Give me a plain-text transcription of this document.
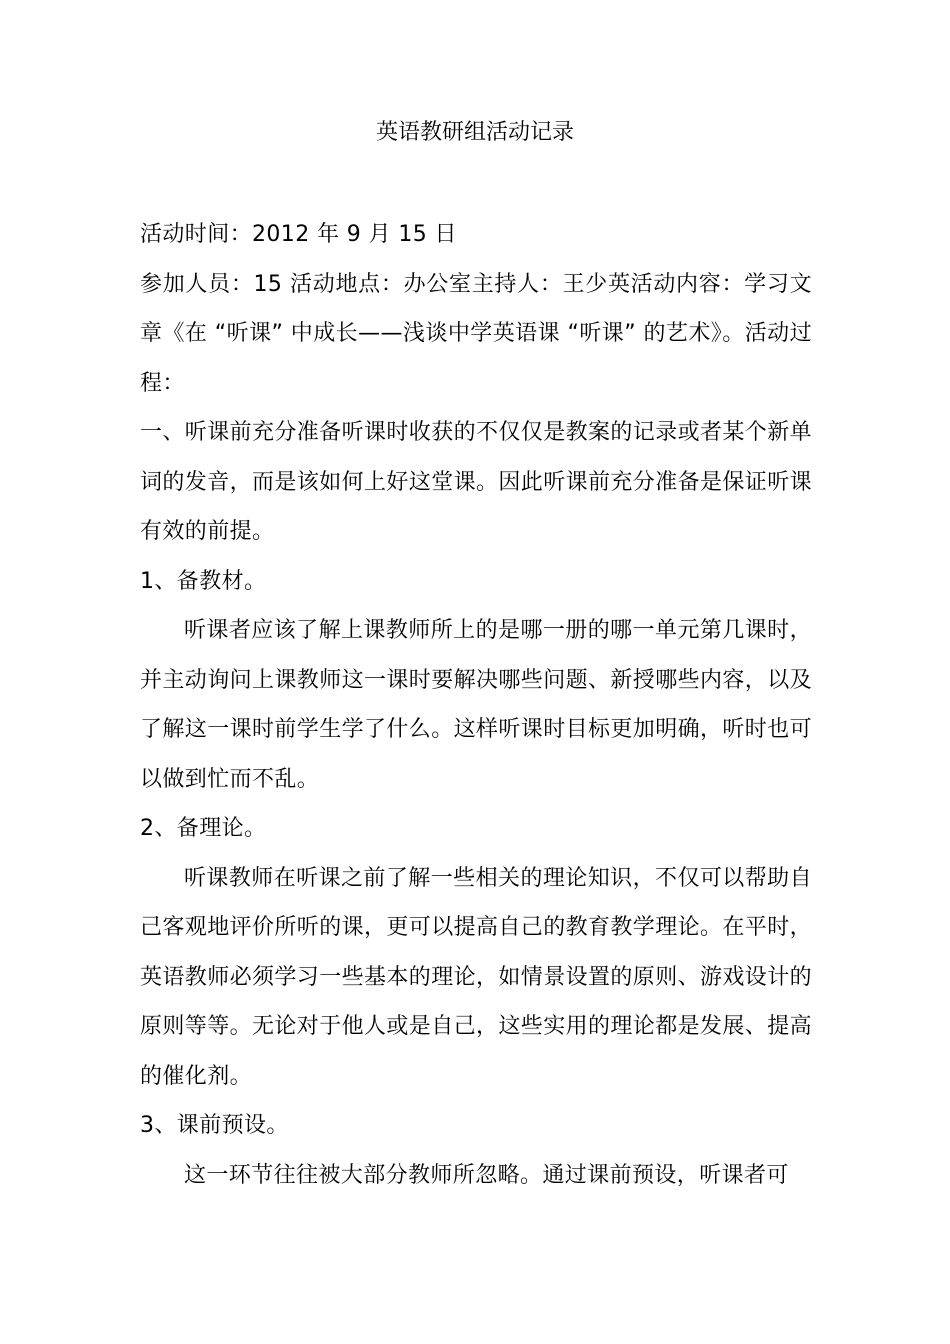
英语教研组活动记录

活动时间：2012 年 9 月 15 日

参加人员：15 活动地点：办公室主持人：王少英活动内容：学习文章《在 “听课” 中成长——浅谈中学英语课 “听课” 的艺术》。活动过程：

一、听课前充分准备听课时收获的不仅仅是教案的记录或者某个新单词的发音，而是该如何上好这堂课。因此听课前充分准备是保证听课有效的前提。

1、备教材。

听课者应该了解上课教师所上的是哪一册的哪一单元第几课时，并主动询问上课教师这一课时要解决哪些问题、新授哪些内容，以及了解这一课时前学生学了什么。这样听课时目标更加明确，听时也可以做到忙而不乱。

2、备理论。

听课教师在听课之前了解一些相关的理论知识，不仅可以帮助自己客观地评价所听的课，更可以提高自己的教育教学理论。在平时，英语教师必须学习一些基本的理论，如情景设置的原则、游戏设计的原则等等。无论对于他人或是自己，这些实用的理论都是发展、提高的催化剂。

3、课前预设。

这一环节往往被大部分教师所忽略。通过课前预设，听课者可
